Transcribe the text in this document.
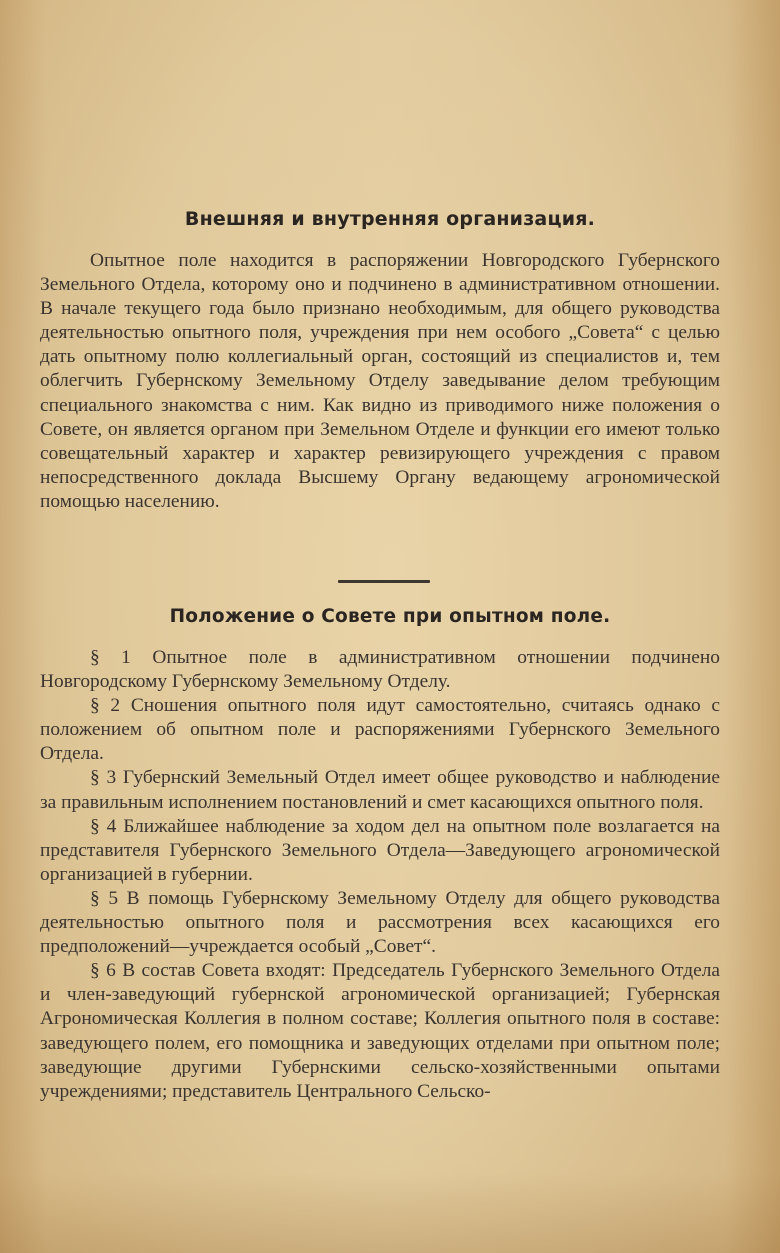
Внешняя и внутренняя организация.
Опытное поле находится в распоряжении Новгородского Губернского Земельного Отдела, которому оно и подчинено в административном отношении. В начале текущего года было признано необходимым, для общего руководства деятельностью опытного поля, учреждения при нем особого „Совета“ с целью дать опытному полю коллегиальный орган, состоящий из специалистов и, тем облегчить Губернскому Земельному Отделу заведывание делом требующим специального знакомства с ним. Как видно из приводимого ниже положения о Совете, он является органом при Земельном Отделе и функции его имеют только совещательный характер и характер ревизирующего учреждения с правом непосредственного доклада Высшему Органу ведающему агрономической помощью населению.
Положение о Совете при опытном поле.

§ 1 Опытное поле в административном отношении подчинено Новгородскому Губернскому Земельному Отделу.

§ 2 Сношения опытного поля идут самостоятельно, считаясь однако с положением об опытном поле и распоряжениями Губернского Земельного Отдела.

§ 3 Губернский Земельный Отдел имеет общее руководство и наблюдение за правильным исполнением постановлений и смет касающихся опытного поля.

§ 4 Ближайшее наблюдение за ходом дел на опытном поле возлагается на представителя Губернского Земельного Отдела—Заведующего агрономической организацией в губернии.

§ 5 В помощь Губернскому Земельному Отделу для общего руководства деятельностью опытного поля и рассмотрения всех касающихся его предположений—учреждается особый „Совет“.

§ 6 В состав Совета входят: Председатель Губернского Земельного Отдела и член-заведующий губернской агрономической организацией; Губернская Агрономическая Коллегия в полном составе; Коллегия опытного поля в составе: заведующего полем, его помощника и заведующих отделами при опытном поле; заведующие другими Губернскими сельско-хозяйственными опытами учреждениями; представитель Центрального Сельско-
